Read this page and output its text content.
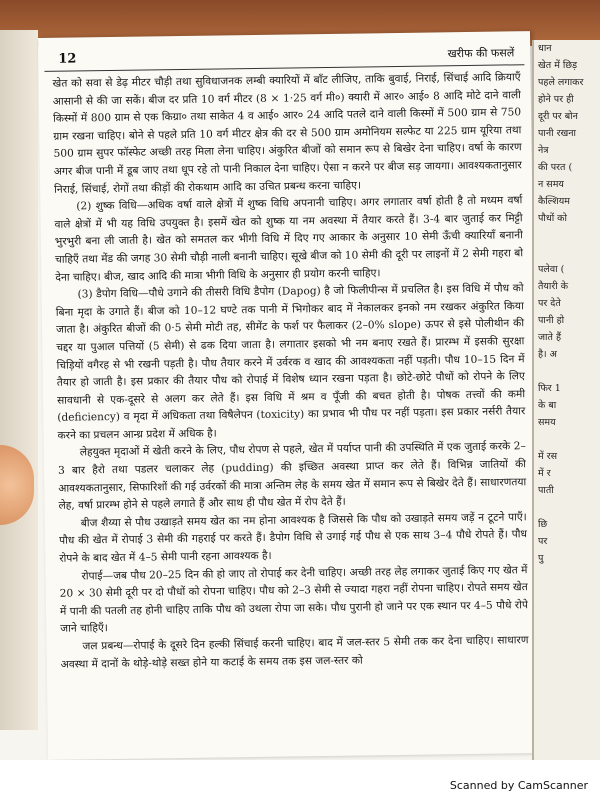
12	खरीफ की फसलें

खेत को सवा से डेढ़ मीटर चौड़ी तथा सुविधाजनक लम्बी क्यारियों में बाँट लीजिए, ताकि बुवाई, निराई, सिंचाई आदि क्रियाएँ आसानी से की जा सकें। बीज दर प्रति 10 वर्ग मीटर (8 × 1·25 वर्ग मी०) क्यारी में आर० आई० 8 आदि मोटे दाने वाली किस्मों में 800 ग्राम से एक किग्रा० तथा साकेत 4 व आई० आर० 24 आदि पतले दाने वाली किस्मों में 500 ग्राम से 750 ग्राम रखना चाहिए। बोने से पहले प्रति 10 वर्ग मीटर क्षेत्र की दर से 500 ग्राम अमोनियम सल्फेट या 225 ग्राम यूरिया तथा 500 ग्राम सुपर फॉस्फेट अच्छी तरह मिला लेना चाहिए। अंकुरित बीजों को समान रूप से बिखेर देना चाहिए। वर्षा के कारण अगर बीज पानी में डूब जाए तथा धूप रहे तो पानी निकाल देना चाहिए। ऐसा न करने पर बीज सड़ जायगा। आवश्यकतानुसार निराई, सिंचाई, रोगों तथा कीड़ों की रोकथाम आदि का उचित प्रबन्ध करना चाहिए।

(2) शुष्क विधि—अधिक वर्षा वाले क्षेत्रों में शुष्क विधि अपनानी चाहिए। अगर लगातार वर्षा होती है तो मध्यम वर्षा वाले क्षेत्रों में भी यह विधि उपयुक्त है। इसमें खेत को शुष्क या नम अवस्था में तैयार करते हैं। 3-4 बार जुताई कर मिट्टी भुरभुरी बना ली जाती है। खेत को समतल कर भीगी विधि में दिए गए आकार के अनुसार 10 सेमी ऊँची क्यारियाँ बनानी चाहिएँ तथा मेंड की जगह 30 सेमी चौड़ी नाली बनानी चाहिए। सूखे बीज को 10 सेमी की दूरी पर लाइनों में 2 सेमी गहरा बो देना चाहिए। बीज, खाद आदि की मात्रा भीगी विधि के अनुसार ही प्रयोग करनी चाहिए।

(3) डैपोग विधि—पौधे उगाने की तीसरी विधि डैपोग (Dapog) है जो फिलीपीन्स में प्रचलित है। इस विधि में पौध को बिना मृदा के उगाते हैं। बीज को 10–12 घण्टे तक पानी में भिगोकर बाद में नेकालकर इनको नम रखकर अंकुरित किया जाता है। अंकुरित बीजों की 0·5 सेमी मोटी तह, सीमेंट के फर्श पर फैलाकर (2–0% slope) ऊपर से इसे पोलीथीन की चद्दर या पुआल पत्तियों (5 सेमी) से ढक दिया जाता है। लगातार इसको भी नम बनाए रखते हैं। प्रारम्भ में इसकी सुरक्षा चिड़ियों वगैरह से भी रखनी पड़ती है। पौध तैयार करने में उर्वरक व खाद की आवश्यकता नहीं पड़ती। पौध 10–15 दिन में तैयार हो जाती है। इस प्रकार की तैयार पौध को रोपाई में विशेष ध्यान रखना पड़ता है। छोटे-छोटे पौधों को रोपने के लिए सावधानी से एक-दूसरे से अलग कर लेते हैं। इस विधि में श्रम व पूँजी की बचत होती है। पोषक तत्त्वों की कमी (deficiency) व मृदा में अधिकता तथा विषैलेपन (toxicity) का प्रभाव भी पौध पर नहीं पड़ता। इस प्रकार नर्सरी तैयार करने का प्रचलन आन्ध्र प्रदेश में अधिक है।

लेहयुक्त मृदाओं में खेती करने के लिए, पौध रोपण से पहले, खेत में पर्याप्त पानी की उपस्थिति में एक जुताई करके 2–3 बार हैरो तथा पडलर चलाकर लेह (pudding) की इच्छित अवस्था प्राप्त कर लेते हैं। विभिन्न जातियों की आवश्यकतानुसार, सिफारिशों की गई उर्वरकों की मात्रा अन्तिम लेह के समय खेत में समान रूप से बिखेर देते हैं। साधारणतया लेह, वर्षा प्रारम्भ होने से पहले लगाते हैं और साथ ही पौध खेत में रोप देते हैं।

बीज शैय्या से पौध उखाड़ते समय खेत का नम होना आवश्यक है जिससे कि पौध को उखाड़ते समय जड़ें न टूटने पाएँ। पौध की खेत में रोपाई 3 सेमी की गहराई पर करते हैं। डैपोग विधि से उगाई गई पौध से एक साथ 3–4 पौधे रोपते हैं। पौध रोपने के बाद खेत में 4–5 सेमी पानी रहना आवश्यक है।

रोपाई—जब पौध 20–25 दिन की हो जाए तो रोपाई कर देनी चाहिए। अच्छी तरह लेह लगाकर जुताई किए गए खेत में 20 × 30 सेमी दूरी पर दो पौधों को रोपना चाहिए। पौध को 2–3 सेमी से ज्यादा गहरा नहीं रोपना चाहिए। रोपते समय खेत में पानी की पतली तह होनी चाहिए ताकि पौध को उथला रोपा जा सके। पौध पुरानी हो जाने पर एक स्थान पर 4–5 पौधे रोपे जाने चाहिएँ।

जल प्रबन्ध—रोपाई के दूसरे दिन हल्की सिंचाई करनी चाहिए। बाद में जल-स्तर 5 सेमी तक कर देना चाहिए। साधारण अवस्था में दानों के थोड़े-थोड़े सख्त होने या कटाई के समय तक इस जल-स्तर को

धान
खेत में छिड़
पहले लगाकर
होने पर ही
दूरी पर बोन
पानी रखना
नेत्र
की परत (
न समय
कैल्शियम
पौधों को

पलेवा (
तैयारी के
पर देते
पानी हो
जाते हैं
है। अ

फिर 1
के बा
समय

में रस
में र
पाती

छि
पर
पु
Scanned by CamScanner
